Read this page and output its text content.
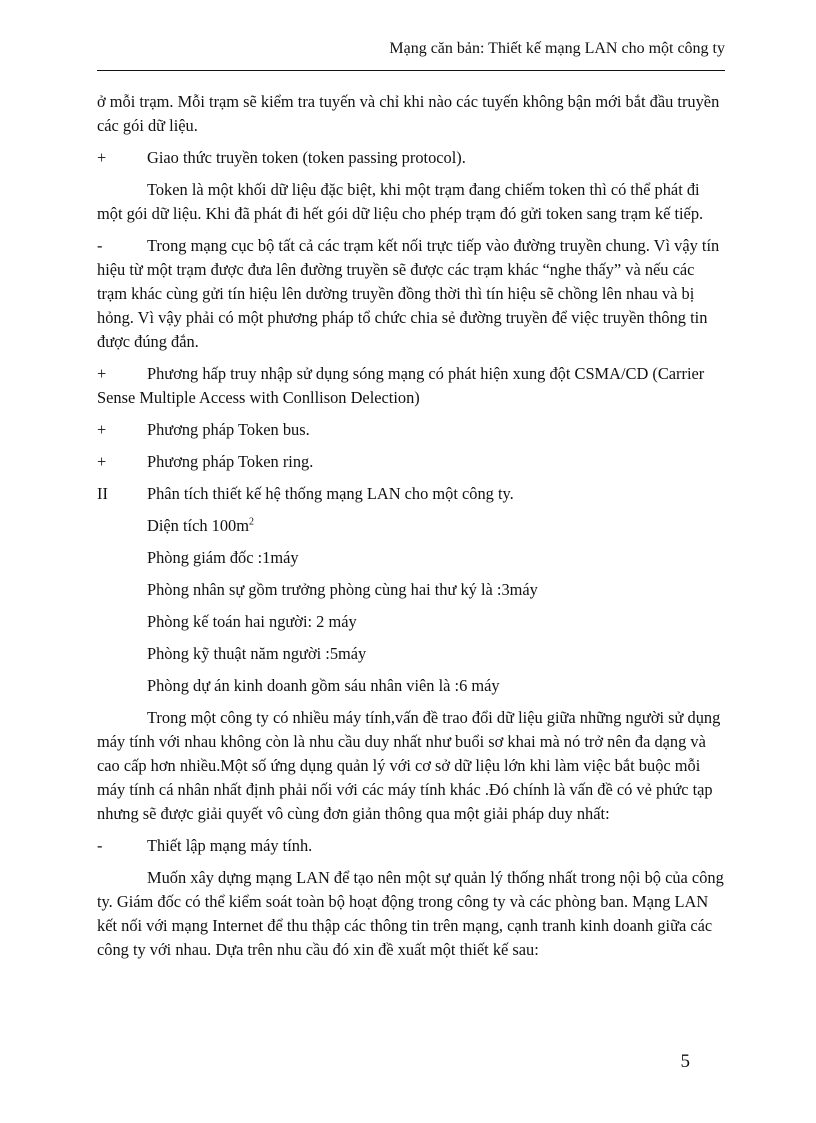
Mạng căn bản: Thiết kế mạng LAN cho một công ty

ở mỗi trạm. Mỗi trạm sẽ kiểm tra tuyến và chỉ khi nào các tuyến không bận mới bắt đầu truyền các gói dữ liệu.

+	Giao thức truyền token (token passing protocol).

Token là một khối dữ liệu đặc biệt, khi một trạm đang chiếm token thì có thể phát đi một gói dữ liệu. Khi đã phát đi hết gói dữ liệu cho phép trạm đó gửi token sang trạm kế tiếp.

-	Trong mạng cục bộ tất cả các trạm kết nối trực tiếp vào đường truyền chung. Vì vậy tín hiệu từ một trạm được đưa lên đường truyền sẽ được các trạm khác “nghe thấy” và nếu các trạm khác cùng gửi tín hiệu lên dường truyền đồng thời thì tín hiệu sẽ chồng lên nhau và bị hỏng. Vì vậy phải có một phương pháp tổ chức chia sẻ đường truyền để việc truyền thông tin được đúng đắn.

+ Phương hấp truy nhập sử dụng sóng mạng có phát hiện xung đột CSMA/CD (Carrier Sense Multiple Access with Conllison Delection)

+	Phương pháp Token bus.
+	Phương pháp Token ring.
II	Phân tích thiết kế hệ thống mạng LAN cho một công ty.

Diện tích $100m^2$

Phòng giám đốc :1máy

Phòng nhân sự gồm trưởng phòng cùng hai thư ký là :3máy

Phòng kế toán hai người: 2 máy

Phòng kỹ thuật năm người :5máy

Phòng dự án kinh doanh gồm sáu nhân viên là :6 máy

Trong một công ty có nhiều máy tính,vấn đề trao đổi dữ liệu giữa những người sử dụng máy tính với nhau không còn là nhu cầu duy nhất như buổi sơ khai mà nó trở nên đa dạng và cao cấp hơn nhiều.Một số ứng dụng quản lý với cơ sở dữ liệu lớn khi làm việc bắt buộc mỗi máy tính cá nhân nhất định phải nối với các máy tính khác .Đó chính là vấn đề có vẻ phức tạp nhưng sẽ được giải quyết vô cùng đơn giản thông qua một giải pháp duy nhất:

-	Thiết lập mạng máy tính.

Muốn xây dựng mạng LAN để tạo nên một sự quản lý thống nhất trong nội bộ của công ty. Giám đốc có thể kiểm soát toàn bộ hoạt động trong công ty và các phòng ban. Mạng LAN kết nối với mạng Internet để thu thập các thông tin trên mạng, cạnh tranh kinh doanh giữa các công ty với nhau. Dựa trên nhu cầu đó xin đề xuất một thiết kế sau:

5
